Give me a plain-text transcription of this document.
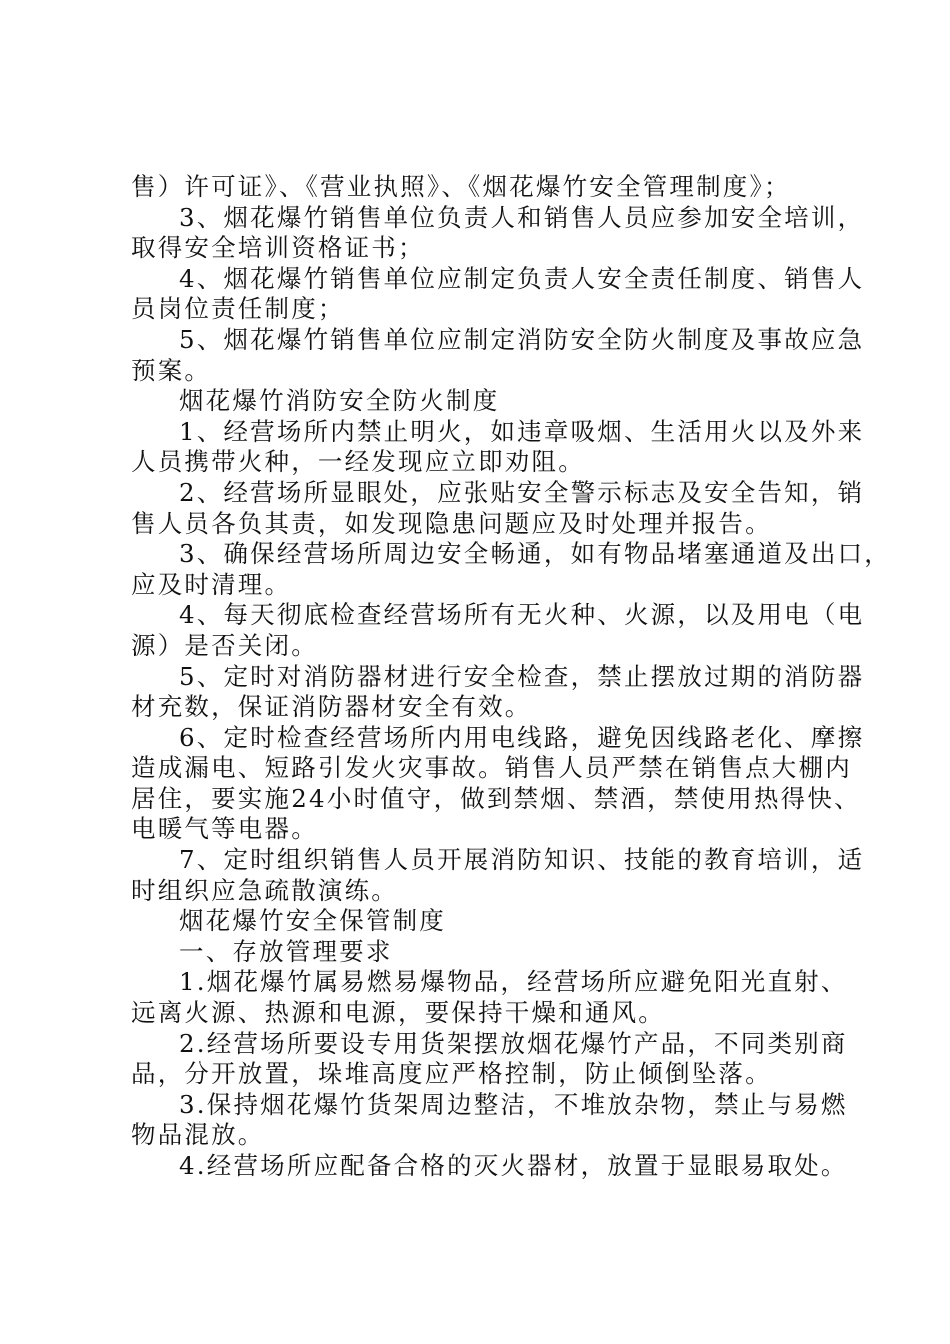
售）许可证》、《营业执照》、《烟花爆竹安全管理制度》；
3、烟花爆竹销售单位负责人和销售人员应参加安全培训，
取得安全培训资格证书；
4、烟花爆竹销售单位应制定负责人安全责任制度、销售人
员岗位责任制度；
5、烟花爆竹销售单位应制定消防安全防火制度及事故应急
预案。
烟花爆竹消防安全防火制度
1、经营场所内禁止明火，如违章吸烟、生活用火以及外来
人员携带火种，一经发现应立即劝阻。
2、经营场所显眼处，应张贴安全警示标志及安全告知，销
售人员各负其责，如发现隐患问题应及时处理并报告。
3、确保经营场所周边安全畅通，如有物品堵塞通道及出口，
应及时清理。
4、每天彻底检查经营场所有无火种、火源，以及用电（电
源）是否关闭。
5、定时对消防器材进行安全检查，禁止摆放过期的消防器
材充数，保证消防器材安全有效。
6、定时检查经营场所内用电线路，避免因线路老化、摩擦
造成漏电、短路引发火灾事故。销售人员严禁在销售点大棚内
居住，要实施24小时值守，做到禁烟、禁酒，禁使用热得快、
电暖气等电器。
7、定时组织销售人员开展消防知识、技能的教育培训，适
时组织应急疏散演练。
烟花爆竹安全保管制度
一、存放管理要求
1.烟花爆竹属易燃易爆物品，经营场所应避免阳光直射、
远离火源、热源和电源，要保持干燥和通风。
2.经营场所要设专用货架摆放烟花爆竹产品，不同类别商
品，分开放置，垛堆高度应严格控制，防止倾倒坠落。
3.保持烟花爆竹货架周边整洁，不堆放杂物，禁止与易燃
物品混放。
4.经营场所应配备合格的灭火器材，放置于显眼易取处。
